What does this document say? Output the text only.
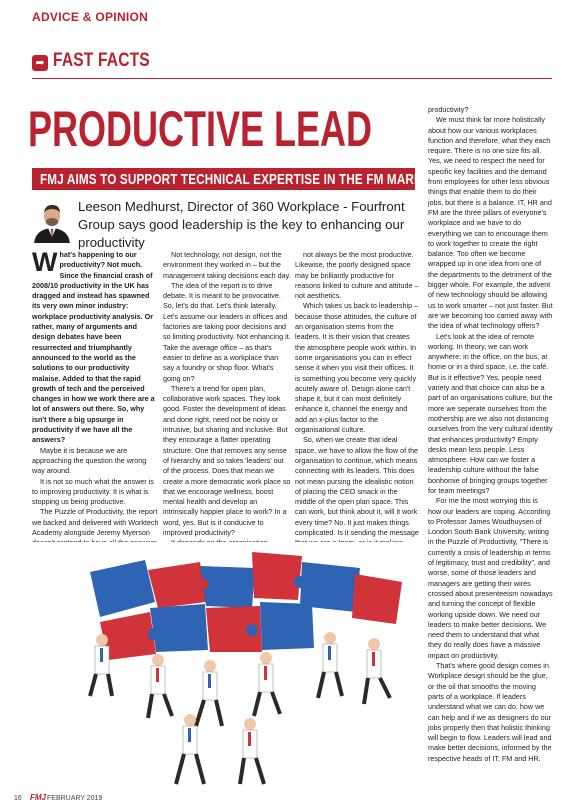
ADVICE & OPINION
➦ FAST FACTS
PRODUCTIVE LEAD
FMJ AIMS TO SUPPORT TECHNICAL EXPERTISE IN THE FM MARKET
Leeson Medhurst, Director of 360 Workplace - Fourfront Group says good leadership is the key to enhancing our productivity

What's happening to our productivity? Not much. Since the financial crash of 2008/10 productivity in the UK has dragged and instead has spawned its very own minor industry: workplace productivity analysis. Or rather, many of arguments and design debates have been resurrected and triumphantly announced to the world as the solutions to our productivity malaise. Added to that the rapid growth of tech and the perceived changes in how we work there are a lot of answers out there. So, why isn't there a big upsurge in productivity if we have all the answers?

Maybe it is because we are approaching the question the wrong way around.

It is not so much what the answer is to improving productivity. It is what is stopping us being productive.

The Puzzle of Productivity, the report we backed and delivered with Worktech Academy alongside Jeremy Myerson

Not technology, not design, not the environment they worked in – but the management taking decisions each day.

The idea of the report is to drive debate. It is meant to be provocative. So, let's do that. Let's think laterally. Let's assume our leaders in offices and factories are taking poor decisions and so limiting productivity. Not enhancing it. Take the average office – as that's easier to define as a workplace than say a foundry or shop floor. What's going on?

There's a trend for open plan, collaborative work spaces. They look good. Foster the development of ideas and done right, need not be noisy or intrusive, but sharing and inclusive. But they encourage a flatter operating structure. One that removes any sense of hierarchy and so takes 'leaders' out of the process. Does that mean we create a more democratic work place so that we encourage wellness, boost mental health and develop an intrinsically happier place to work? In a word, yes. But is it conducive to improved productivity?

not always be the most productive. Likewise, the poorly designed space may be brilliantly productive for reasons linked to culture and attitude – not aesthetics.

Which takes us back to leadership – because those attitudes, the culture of an organisation stems from the leaders. It is their vision that creates the atmosphere people work within. In some organisations you can in effect sense it when you visit their offices. It is something you become very quickly acutely aware of. Design alone can't shape it, but it can most definitely enhance it, channel the energy and add an x-plus factor to the organisational culture.

So, when we create that ideal space, we have to allow the flow of the organisation to continue, which means connecting with its leaders. This does not mean pursing the idealistic notion of placing the CEO smack in the middle of the open plan space. This can work, but think about it, will it work every time? No. It just makes things complicated. Is it sending the message

productivity?

We must think far more holistically about how our various workplaces function and therefore, what they each require. There is no one size fits all. Yes, we need to respect the need for specific key facilities and the demand from employees for other less obvious things that enable them to do their jobs, but there is a balance. IT, HR and FM are the three pillars of everyone's workplace and we have to do everything we can to encourage them to work together to create the right balance. Too often we become wrapped up in one idea from one of the departments to the detriment of the bigger whole. For example, the advent of new technology should be allowing us to work smarter – not just faster. But are we becoming too carried away with the idea of what technology offers?

Let's look at the idea of remote working. In theory, we can work anywhere: in the office, on the bus, at home or in a third space, i.e. the café. But is it effective? Yes, people need variety and that choice can also be a part of an organisations culture, but the more we seperate ourselves from the mothership are we also not distancing ourselves from the very cultural identity that enhances productivity? Empty desks mean less people. Less atmosphere. How can we foster a leadership culture without the false bonhomie of bringing groups together for team meetings?

For me the most worrying this is how our leaders are coping. According to Professor James Woudhuysen of London South Bank University, writing in the Puzzle of Productivity, "There is currently a crisis of leadership in terms of legitimacy, trust and credibility", and worse, some of those leaders and managers are getting their wires crossed about presenteeism nowadays and turning the concept of flexible working upside down. We need our leaders to make better decisions. We need them to understand that what they do really does have a massive impact on productivity.

That's where good design comes in. Workplace design should be the glue, or the oil that smooths the moving parts of a workplace. If leaders understand what we can do, how we can help and if we as designers do our jobs properly then that holistic thinking will begin to flow. Leaders will lead and make better decisions, informed by the respective heads of IT, FM and HR.

16 FMJ FEBRUARY 2019
